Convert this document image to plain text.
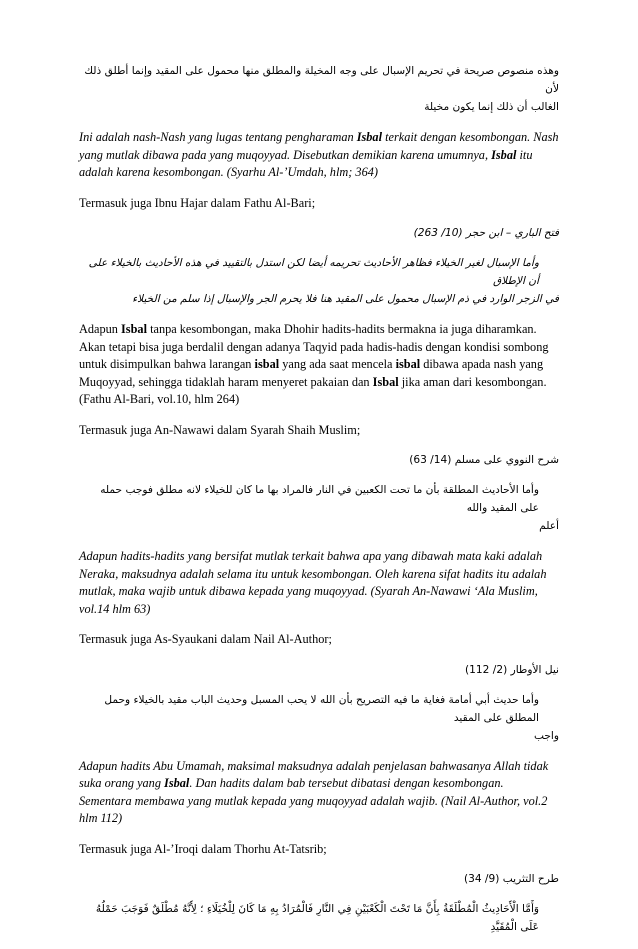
وهذه منصوص صريحة في تحريم الإسبال على وجه المخيلة والمطلق منها محمول على المقيد وإنما أطلق ذلك لأن

الغالب أن ذلك إنما يكون مخيلة

Ini adalah nash-Nash yang lugas tentang pengharaman Isbal terkait dengan kesombongan. Nash yang mutlak dibawa pada yang muqoyyad. Disebutkan demikian karena umumnya, Isbal itu adalah karena kesombongan. (Syarhu Al-’Umdah, hlm; 364)

Termasuk juga Ibnu Hajar dalam Fathu Al-Bari;

فتح الباري – ابن حجر (10/ 263)

وأما الإسبال لغير الخيلاء فظاهر الأحاديث تحريمه أيضا لكن استدل بالتقييد في هذه الأحاديث بالخيلاء على أن الإطلاق

في الزجر الوارد في ذم الإسبال محمول على المقيد هنا فلا يحرم الجر والإسبال إذا سلم من الخيلاء

Adapun Isbal tanpa kesombongan, maka Dhohir hadits-hadits bermakna ia juga diharamkan. Akan tetapi bisa juga berdalil dengan adanya Taqyid pada hadis-hadis dengan kondisi sombong untuk disimpulkan bahwa larangan isbal yang ada saat mencela isbal dibawa apada nash yang Muqoyyad, sehingga tidaklah haram menyeret pakaian dan Isbal jika aman dari kesombongan. (Fathu Al-Bari, vol.10, hlm 264)

Termasuk juga An-Nawawi dalam Syarah Shaih Muslim;

شرح النووي على مسلم (14/ 63)

وأما الأحاديث المطلقة بأن ما تحت الكعبين في النار فالمراد بها ما كان للخيلاء لانه مطلق فوجب حمله على المقيد والله

أعلم

Adapun hadits-hadits yang bersifat mutlak terkait bahwa apa yang dibawah mata kaki adalah Neraka, maksudnya adalah selama itu untuk kesombongan. Oleh karena sifat hadits itu adalah mutlak, maka wajib untuk dibawa kepada yang muqoyyad. (Syarah An-Nawawi ‘Ala Muslim, vol.14 hlm 63)

Termasuk juga As-Syaukani dalam Nail Al-Author;

نيل الأوطار (2/ 112)

وأما حديث أبي أمامة فغاية ما فيه التصريح بأن الله لا يحب المسبل وحديث الباب مقيد بالخيلاء وحمل المطلق على المقيد

واجب

Adapun hadits Abu Umamah, maksimal maksudnya adalah penjelasan bahwasanya Allah tidak suka orang yang Isbal. Dan hadits dalam bab tersebut dibatasi dengan kesombongan. Sementara membawa yang mutlak kepada yang muqoyyad adalah wajib. (Nail Al-Author, vol.2 hlm 112)

Termasuk juga Al-’Iroqi dalam Thorhu At-Tatsrib;

طرح التثريب (9/ 34)

وَأَمَّا الْأَحَادِيثُ الْمُطْلَقَةُ بِأَنَّ مَا تَحْتَ الْكَعْبَيْنِ فِي النَّارِ فَالْمُرَادُ بِهِ مَا كَانَ لِلْخُيَلَاءِ ؛ لِأَنَّهُ مُطْلَقٌ فَوَجَبَ حَمْلُهُ عَلَى الْمُقَيَّدِ
